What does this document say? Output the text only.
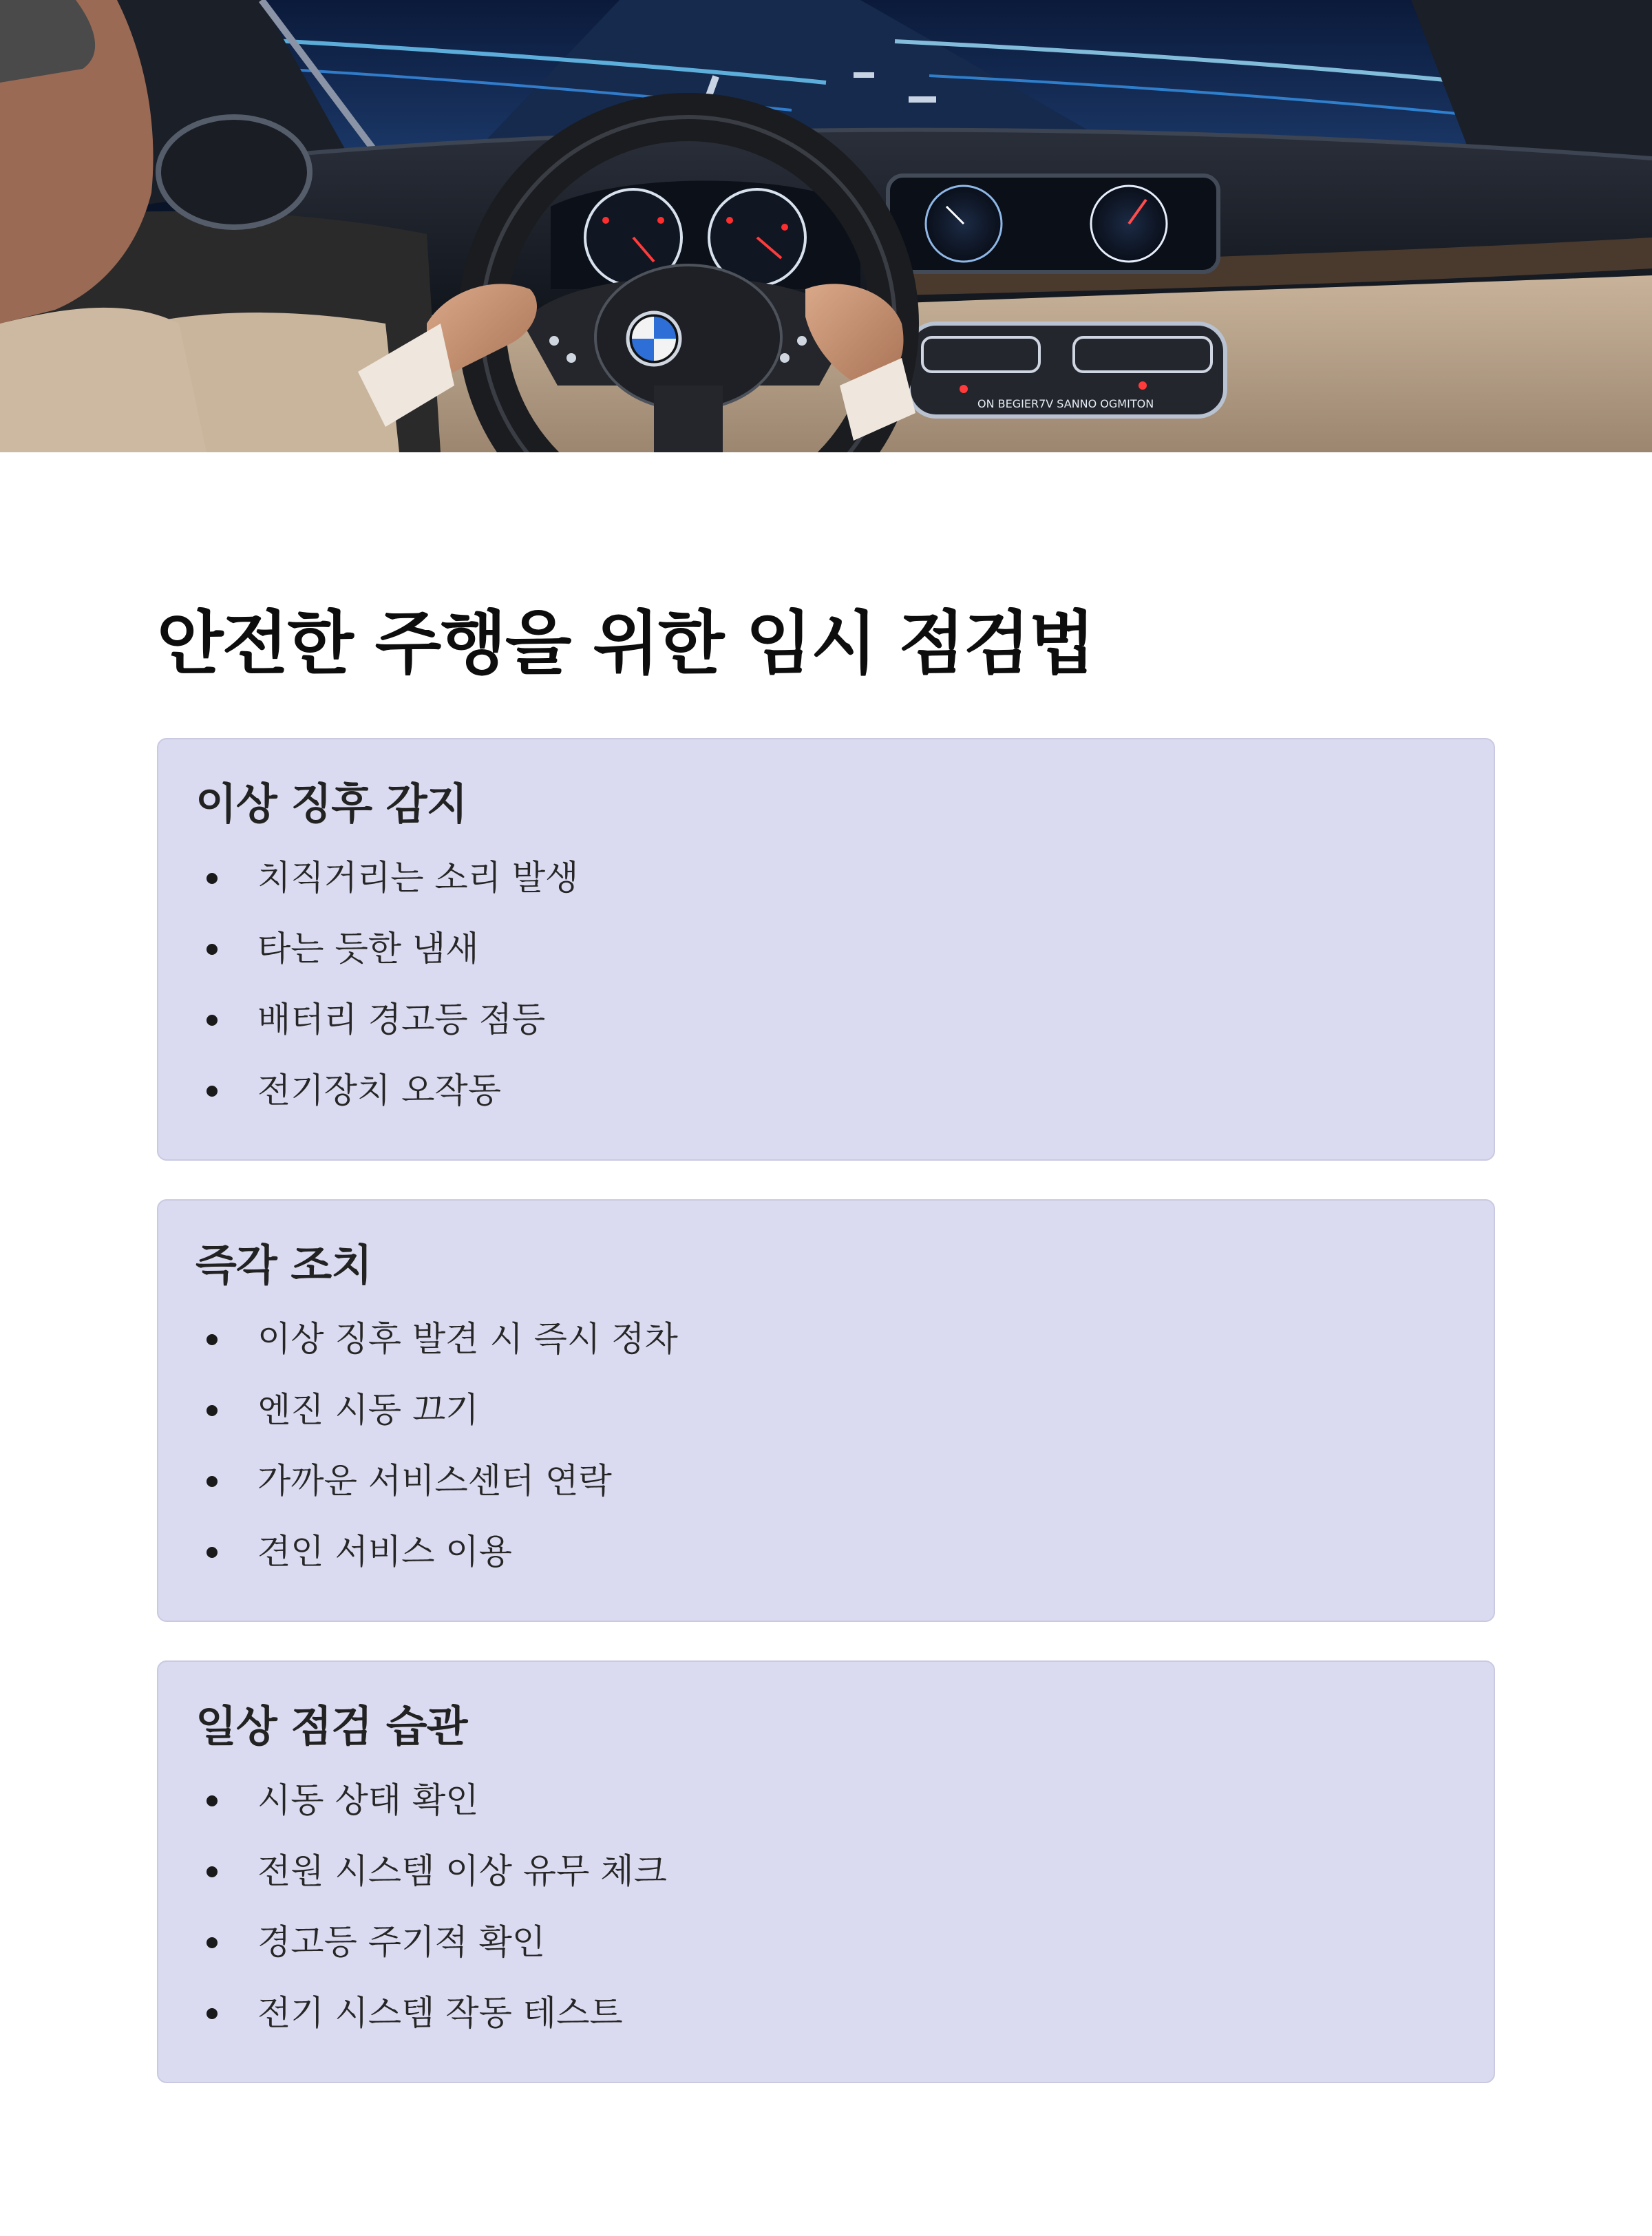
ON BEGIER7V SANNO OGMITON
안전한 주행을 위한 임시 점검법
이상 징후 감지
치직거리는 소리 발생
타는 듯한 냄새
배터리 경고등 점등
전기장치 오작동
즉각 조치
이상 징후 발견 시 즉시 정차
엔진 시동 끄기
가까운 서비스센터 연락
견인 서비스 이용
일상 점검 습관
시동 상태 확인
전원 시스템 이상 유무 체크
경고등 주기적 확인
전기 시스템 작동 테스트
